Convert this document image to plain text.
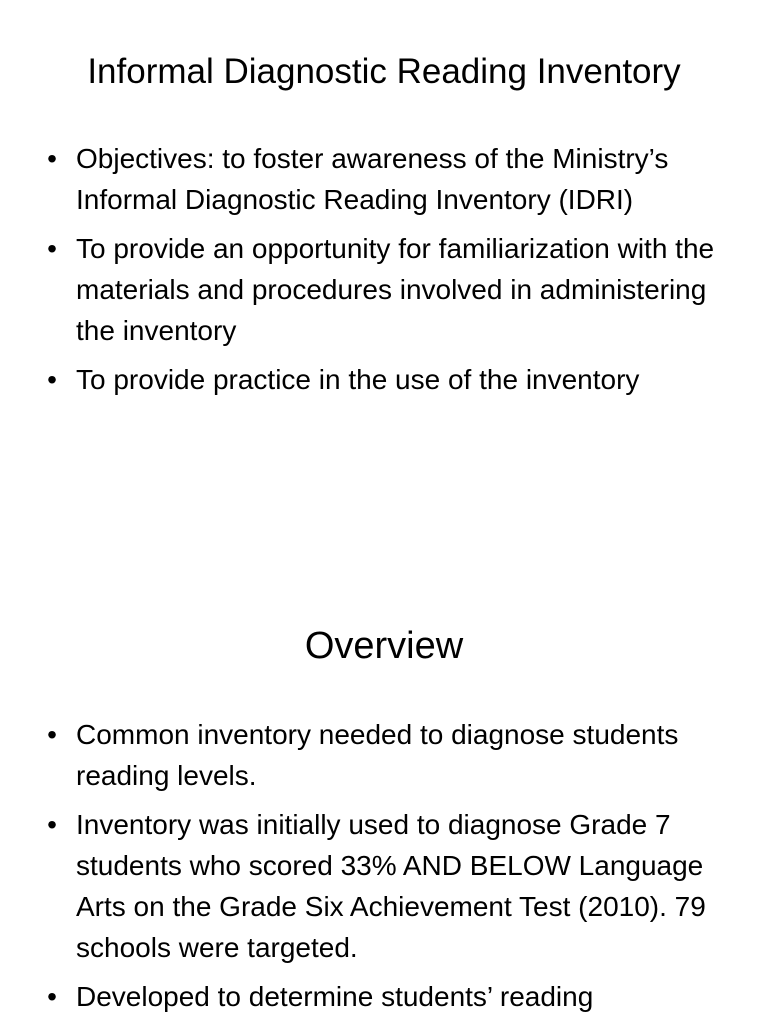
Informal Diagnostic Reading Inventory
• Objectives: to foster awareness of the Ministry’s Informal Diagnostic Reading Inventory (IDRI)
• To provide an opportunity for familiarization with the materials and procedures involved in administering the inventory
• To provide practice in the use of the inventory
Overview
• Common inventory needed to diagnose students reading levels.
• Inventory was initially used to diagnose Grade 7 students who scored 33% AND BELOW Language Arts on the Grade Six Achievement Test (2010). 79 schools were targeted.
• Developed to determine students’ reading
